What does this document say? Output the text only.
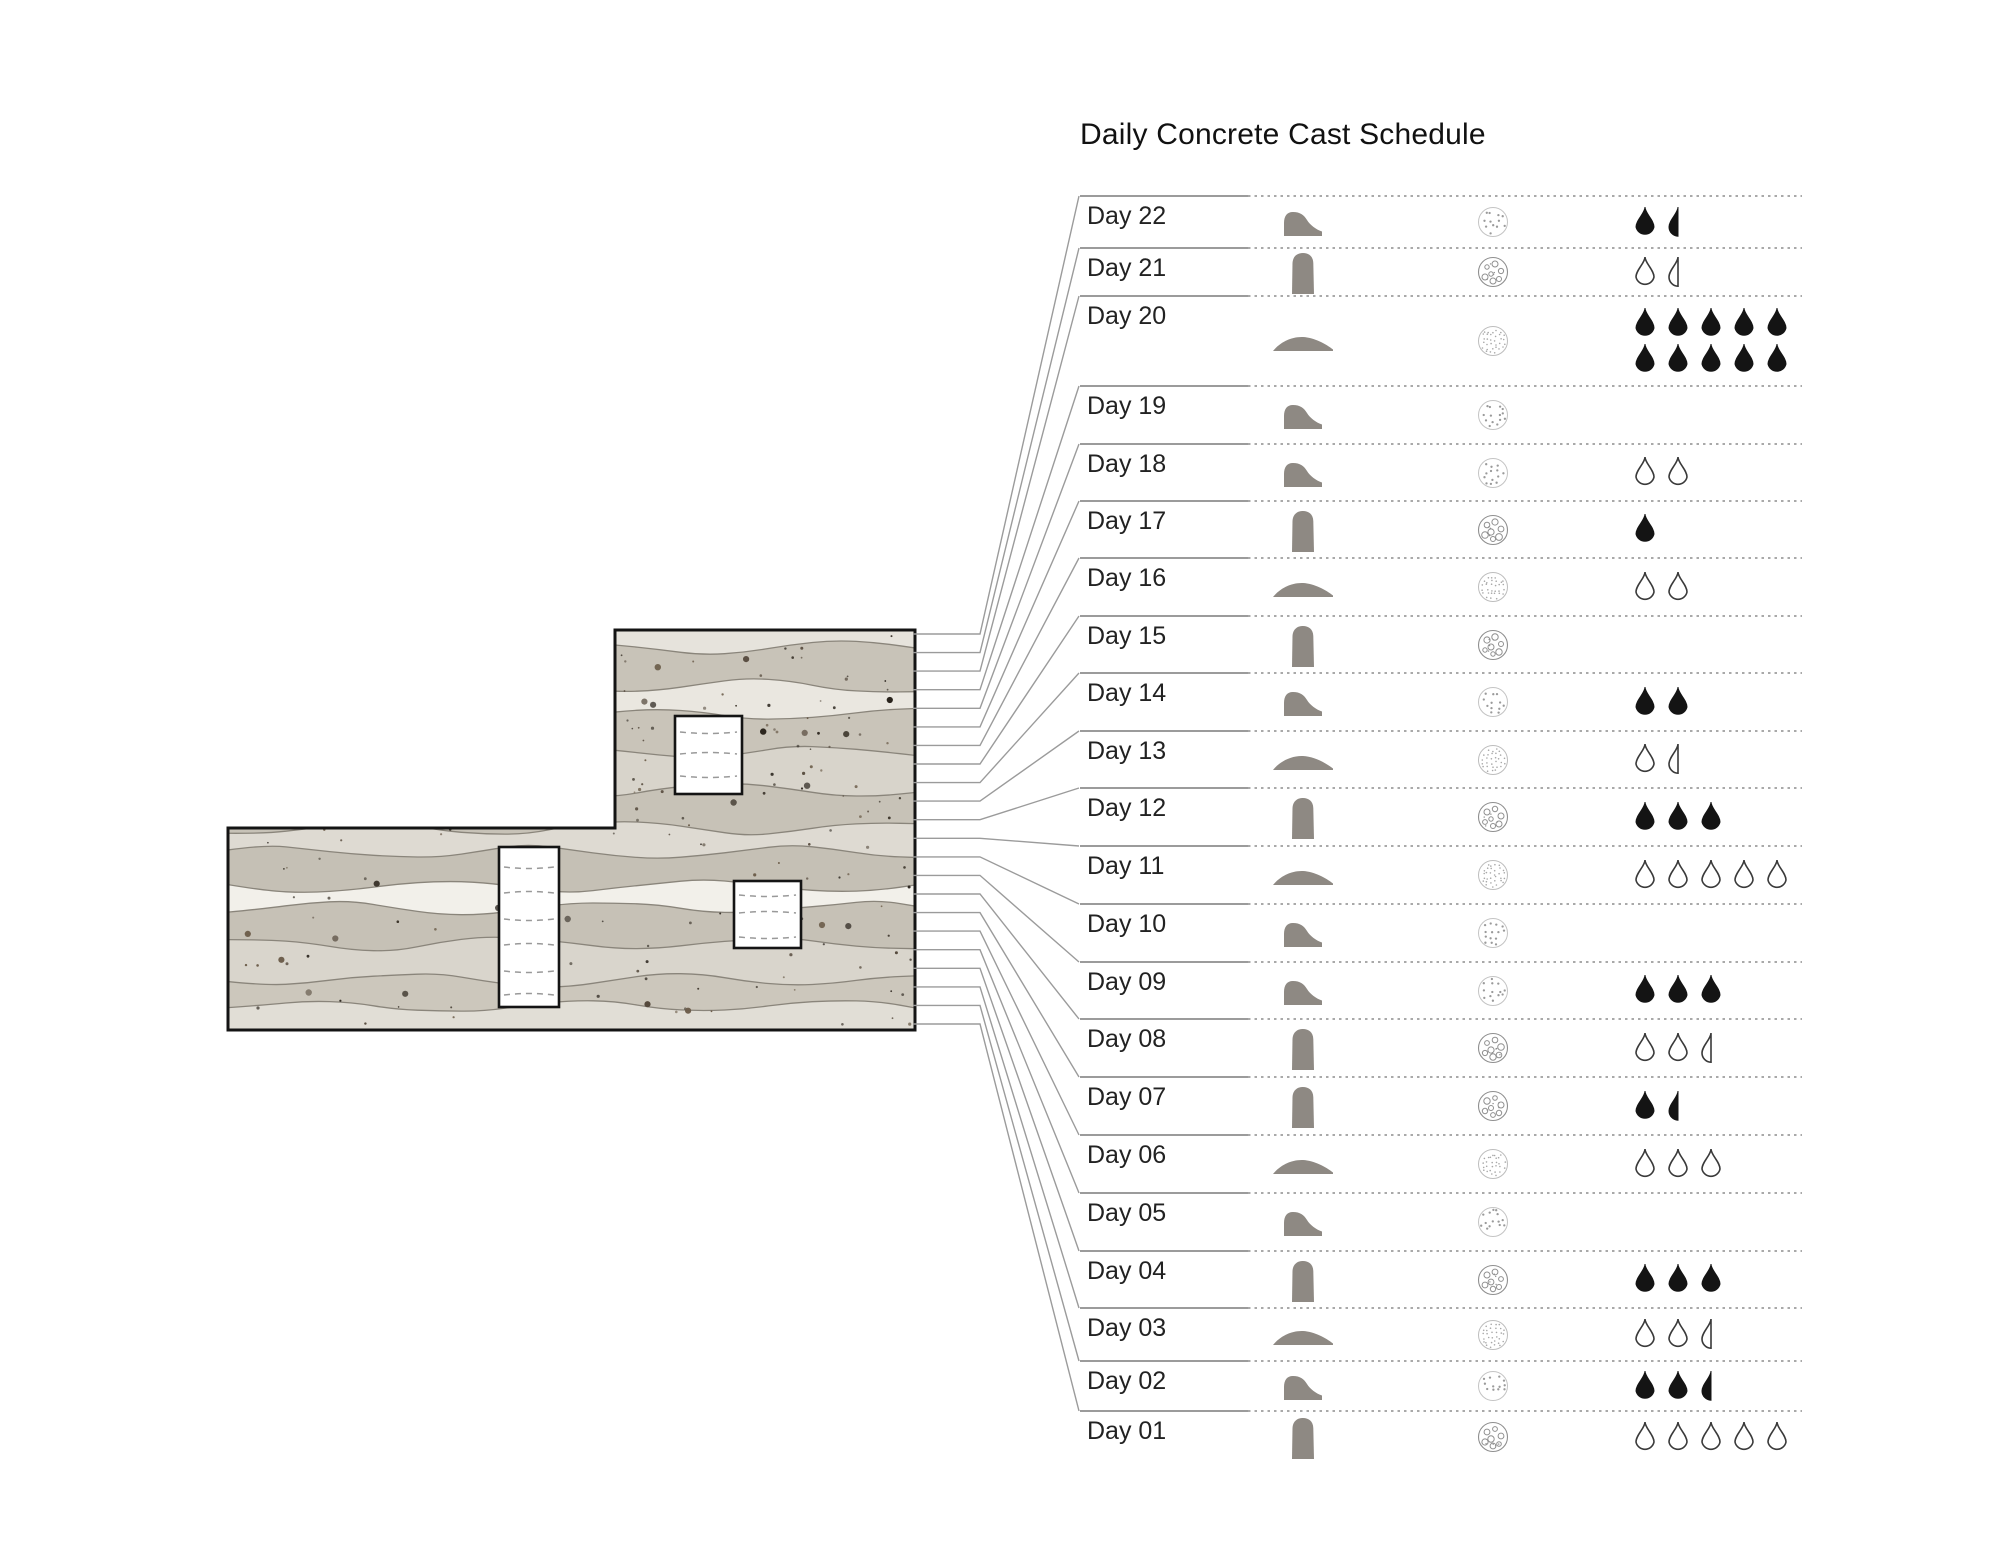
Daily Concrete Cast Schedule
Day 22
Day 21
Day 20
Day 19
Day 18
Day 17
Day 16
Day 15
Day 14
Day 13
Day 12
Day 11
Day 10
Day 09
Day 08
Day 07
Day 06
Day 05
Day 04
Day 03
Day 02
Day 01
